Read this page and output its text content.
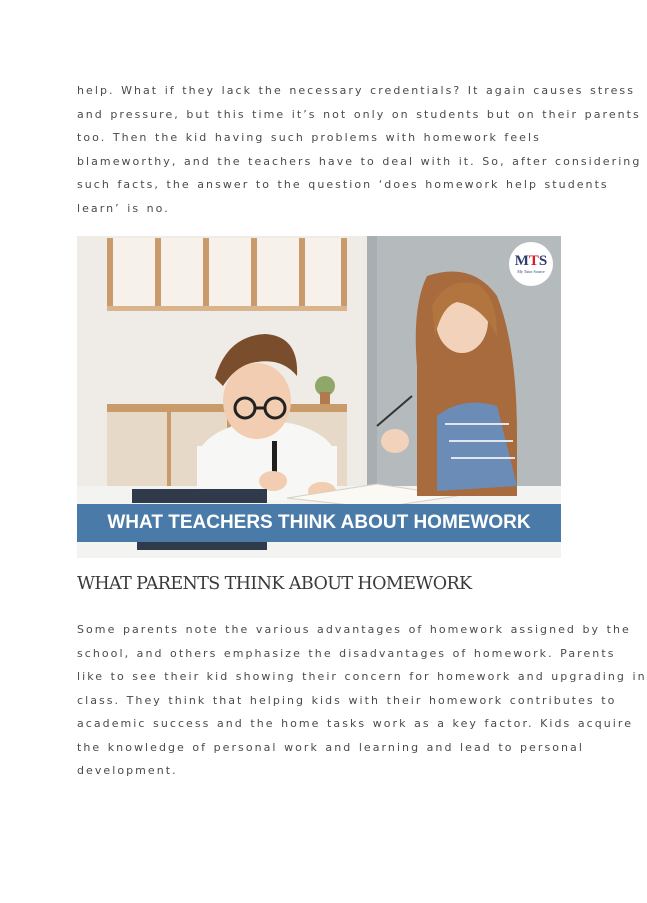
help. What if they lack the necessary credentials? It again causes stress
and pressure, but this time it’s not only on students but on their parents
too. Then the kid having such problems with homework feels
blameworthy, and the teachers have to deal with it. So, after considering
such facts, the answer to the question ‘does homework help students
learn’ is no.

MTS
My Tutor Source
WHAT TEACHERS THINK ABOUT HOMEWORK
WHAT PARENTS THINK ABOUT HOMEWORK

Some parents note the various advantages of homework assigned by the
school, and others emphasize the disadvantages of homework. Parents
like to see their kid showing their concern for homework and upgrading in
class. They think that helping kids with their homework contributes to
academic success and the home tasks work as a key factor. Kids acquire
the knowledge of personal work and learning and lead to personal
development.
